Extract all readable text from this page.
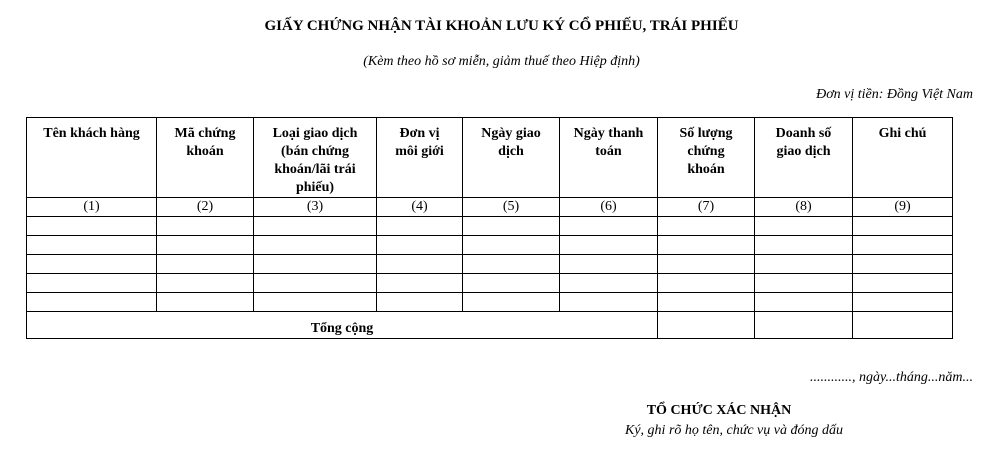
GIẤY CHỨNG NHẬN TÀI KHOẢN LƯU KÝ CỔ PHIẾU, TRÁI PHIẾU

(Kèm theo hồ sơ miễn, giảm thuế theo Hiệp định)

Đơn vị tiền: Đồng Việt Nam

Tên khách hàng	Mã chứng khoán	Loại giao dịch (bán chứng khoán/lãi trái phiếu)	Đơn vị môi giới	Ngày giao dịch	Ngày thanh toán	Số lượng chứng khoán	Doanh số giao dịch	Ghi chú
(1)	(2)	(3)	(4)	(5)	(6)	(7)	(8)	(9)

Tổng cộng								

............, ngày...tháng...năm...

TỔ CHỨC XÁC NHẬN

Ký, ghi rõ họ tên, chức vụ và đóng dấu
